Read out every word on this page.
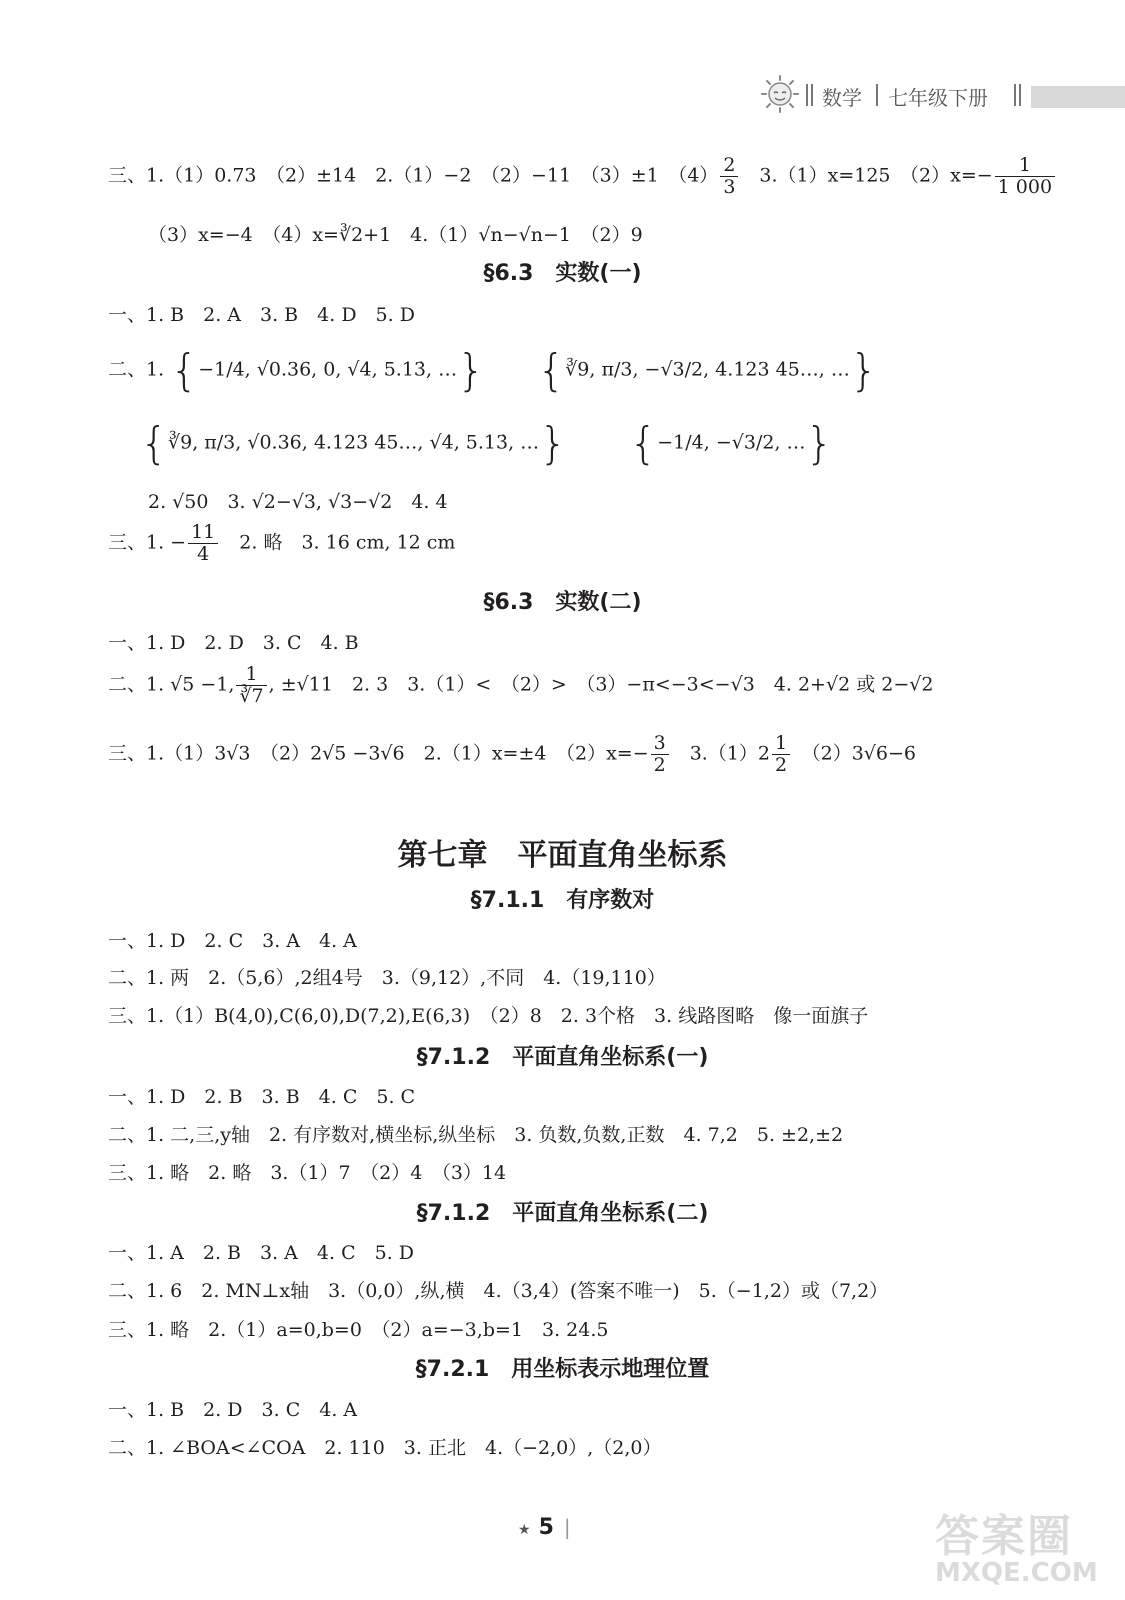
数学 七年级下册
三、1.（1）0.73　（2）±14　2.（1）−2　（2）−11　（3）±1　$(4) \frac{2}{3}$ 　3.（1）x=125　$(2)x=- \frac{1}{1 000}$
（3）x=−4　（4）x=∛2+1　4.（1）√n−√n−1　（2）9
§6.3　实数(一)
一、1. B　2. A　3. B　4. D　5. D
二、1. {−1/4, √0.36, 0, √4, 5.13̇, …} {∛9, π/3, −√3/2, 4.123 45…, …}
{∛9, π/3, √0.36, 4.123 45…, √4, 5.13̇, …} {−1/4, −√3/2, …}
2. √50　3. √2−√3, √3−√2　4. 4
三、1. − $\frac{11}{4}$ 　2. 略　3. 16 cm, 12 cm
§6.3　实数(二)
一、1. D　2. D　3. C　4. B
二、1. √5 −1, $\frac{1}{∛7}$ , ±√11　2. 3　3.（1）<　（2）>　（3）−π<−3<−√3　4. 2+√2 或 2−√2
三、1.（1）3√3　（2）2√5 −3√6　2.（1）x=±4　$(2)x=- \frac{3}{2}$ 　$3.(1)2 \frac{1}{2}$ 　（2）3√6−6
第七章　平面直角坐标系
§7.1.1　有序数对
一、1. D　2. C　3. A　4. A
二、1. 两　2.（5,6）,2组4号　3.（9,12）,不同　4.（19,110）
三、1.（1）B(4,0),C(6,0),D(7,2),E(6,3)　（2）8　2. 3个格　3. 线路图略　像一面旗子
§7.1.2　平面直角坐标系(一)
一、1. D　2. B　3. B　4. C　5. C
二、1. 二,三,y轴　2. 有序数对,横坐标,纵坐标　3. 负数,负数,正数　4. 7,2　5. ±2,±2
三、1. 略　2. 略　3.（1）7　（2）4　（3）14
§7.1.2　平面直角坐标系(二)
一、1. A　2. B　3. A　4. C　5. D
二、1. 6　2. MN⊥x轴　3.（0,0）,纵,横　4.（3,4）(答案不唯一)　5.（−1,2）或（7,2）
三、1. 略　2.（1）a=0,b=0　（2）a=−3,b=1　3. 24.5
§7.2.1　用坐标表示地理位置
一、1. B　2. D　3. C　4. A
二、1. ∠BOA<∠COA　2. 110　3. 正北　4.（−2,0）,（2,0）
★ 5 |	答案圈
MXQE.COM
